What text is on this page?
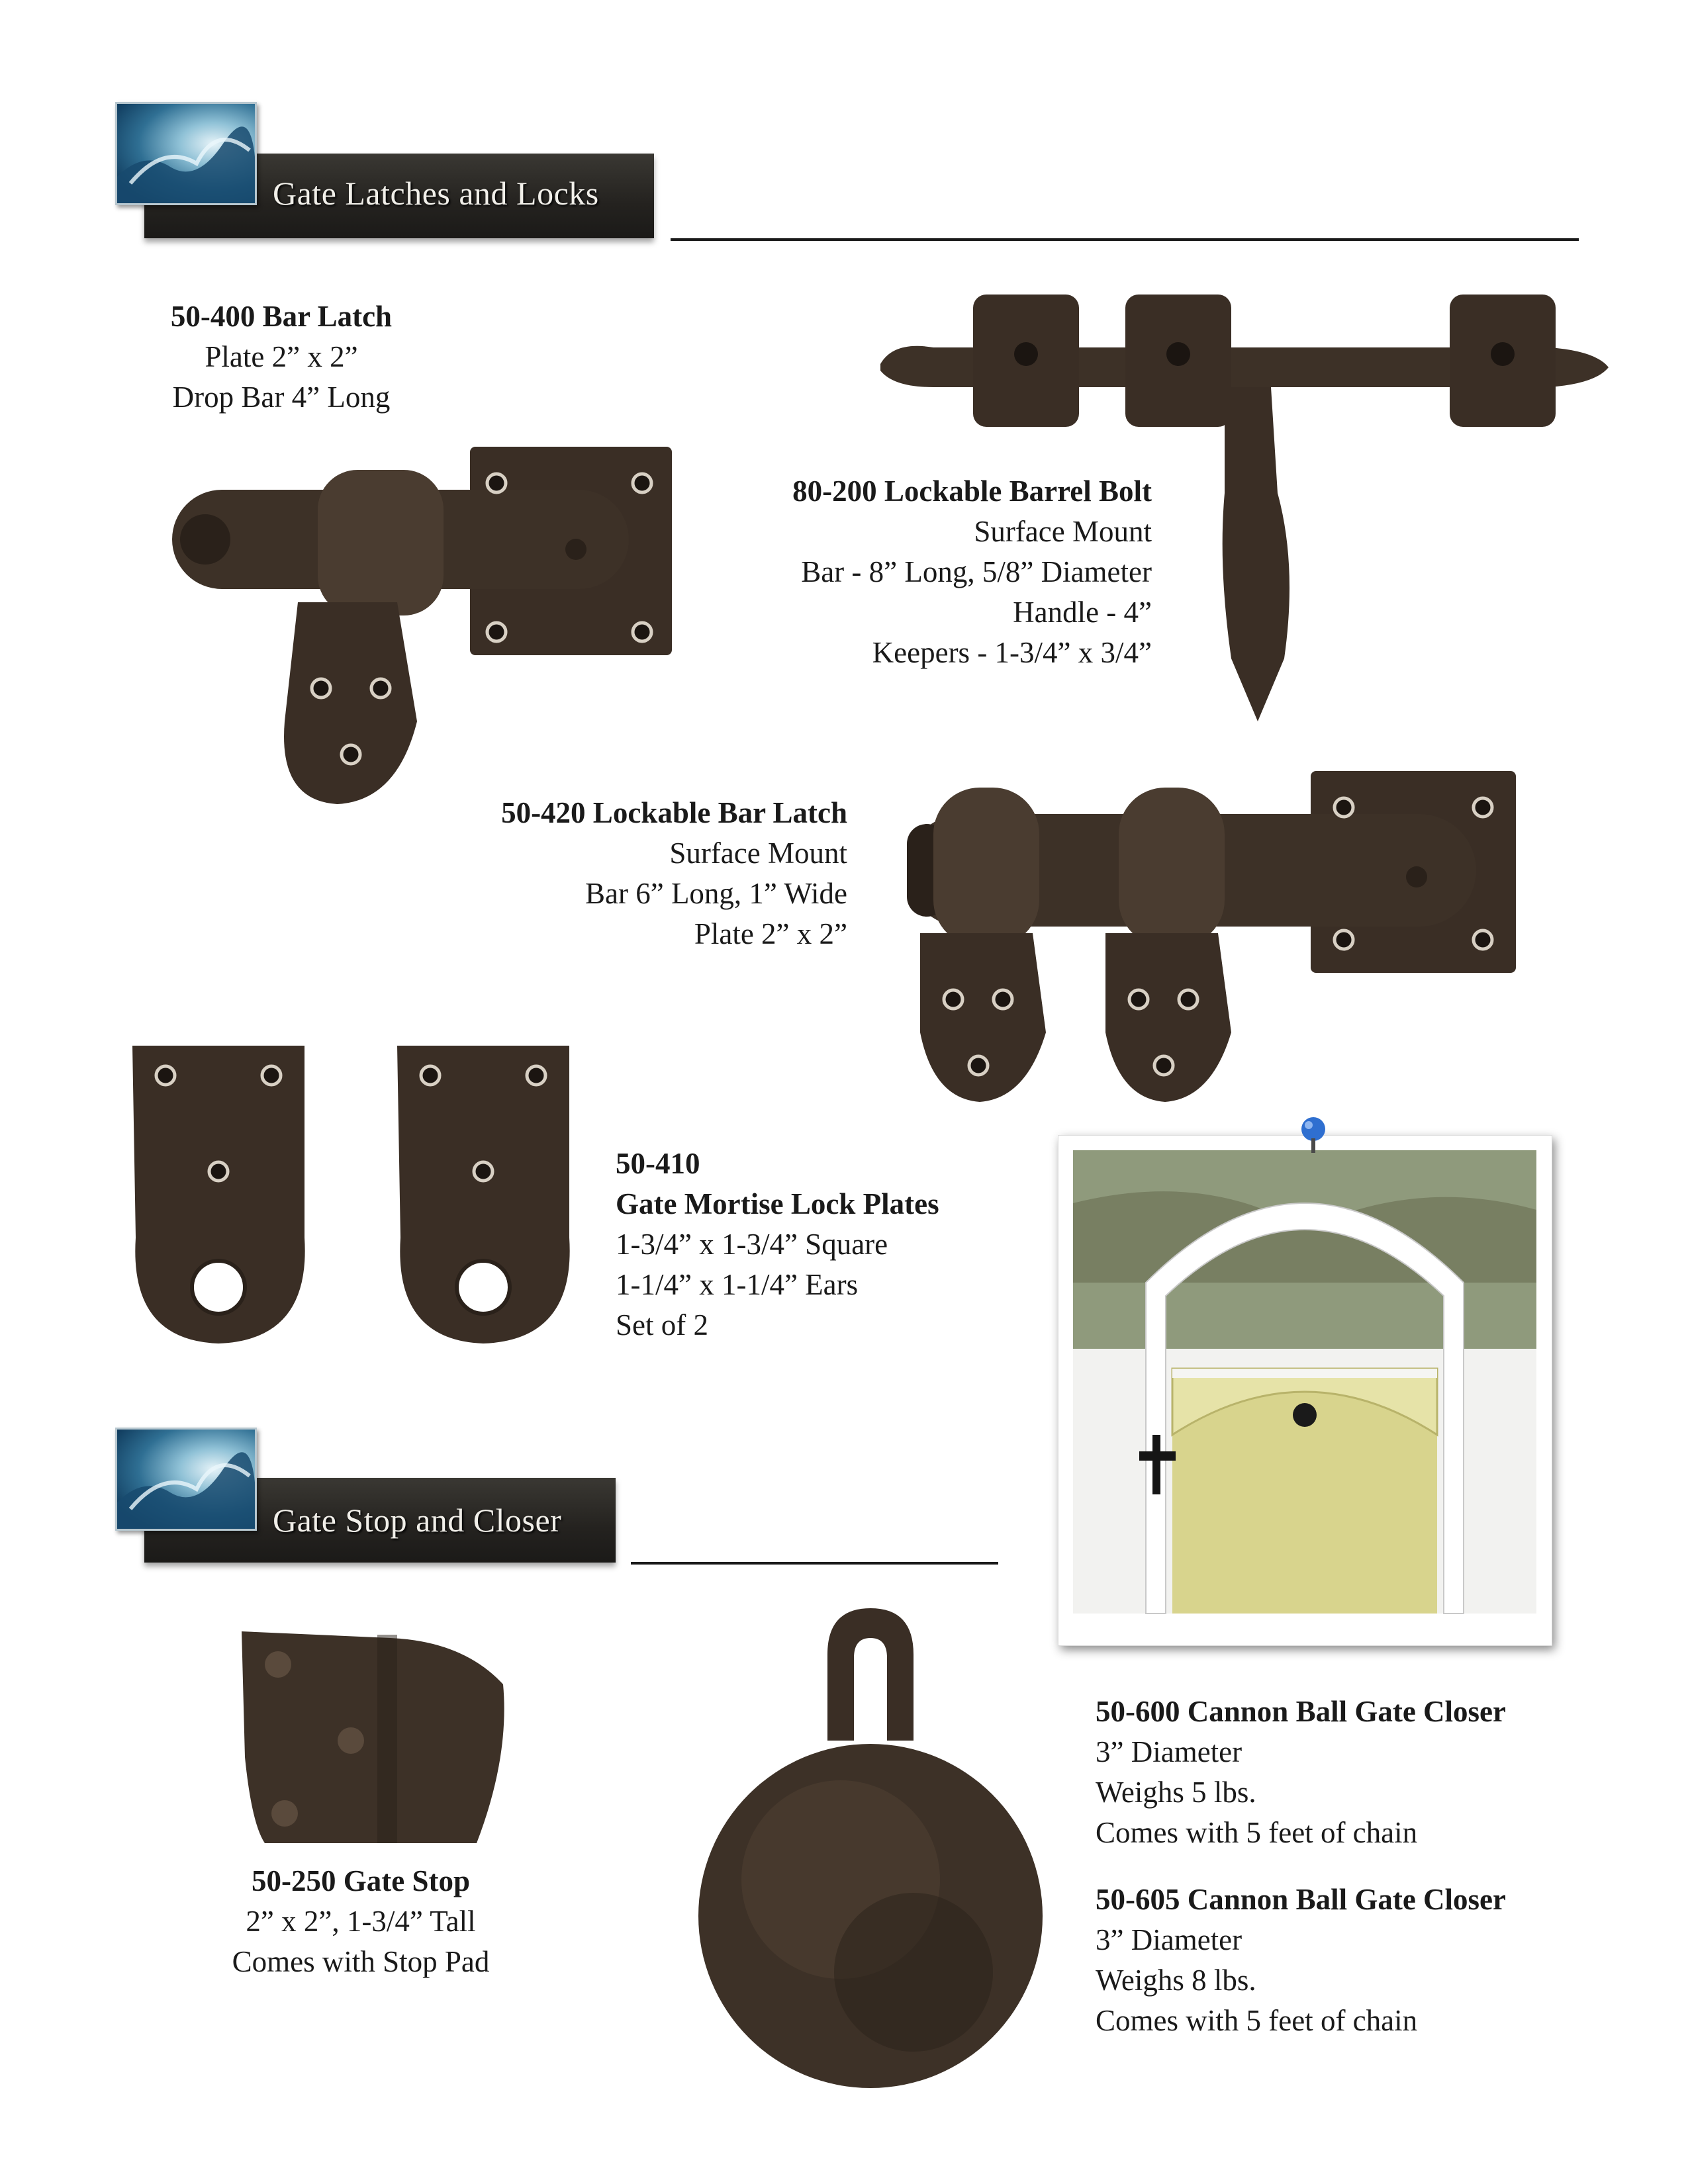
Gate Latches and Locks
50-400 Bar Latch
Plate 2” x 2”
Drop Bar 4” Long
80-200 Lockable Barrel Bolt
Surface Mount
Bar - 8” Long, 5/8” Diameter
Handle - 4”
Keepers - 1-3/4” x 3/4”
50-420 Lockable Bar Latch
Surface Mount
Bar 6” Long, 1” Wide
Plate 2” x 2”
50-410
Gate Mortise Lock Plates
1-3/4” x 1-3/4” Square
1-1/4” x 1-1/4” Ears
Set of 2
Gate Stop and Closer
50-250 Gate Stop
2” x 2”, 1-3/4” Tall
Comes with Stop Pad
50-600 Cannon Ball Gate Closer
3” Diameter
Weighs 5 lbs.
Comes with 5 feet of chain
50-605 Cannon Ball Gate Closer
3” Diameter
Weighs 8 lbs.
Comes with 5 feet of chain
